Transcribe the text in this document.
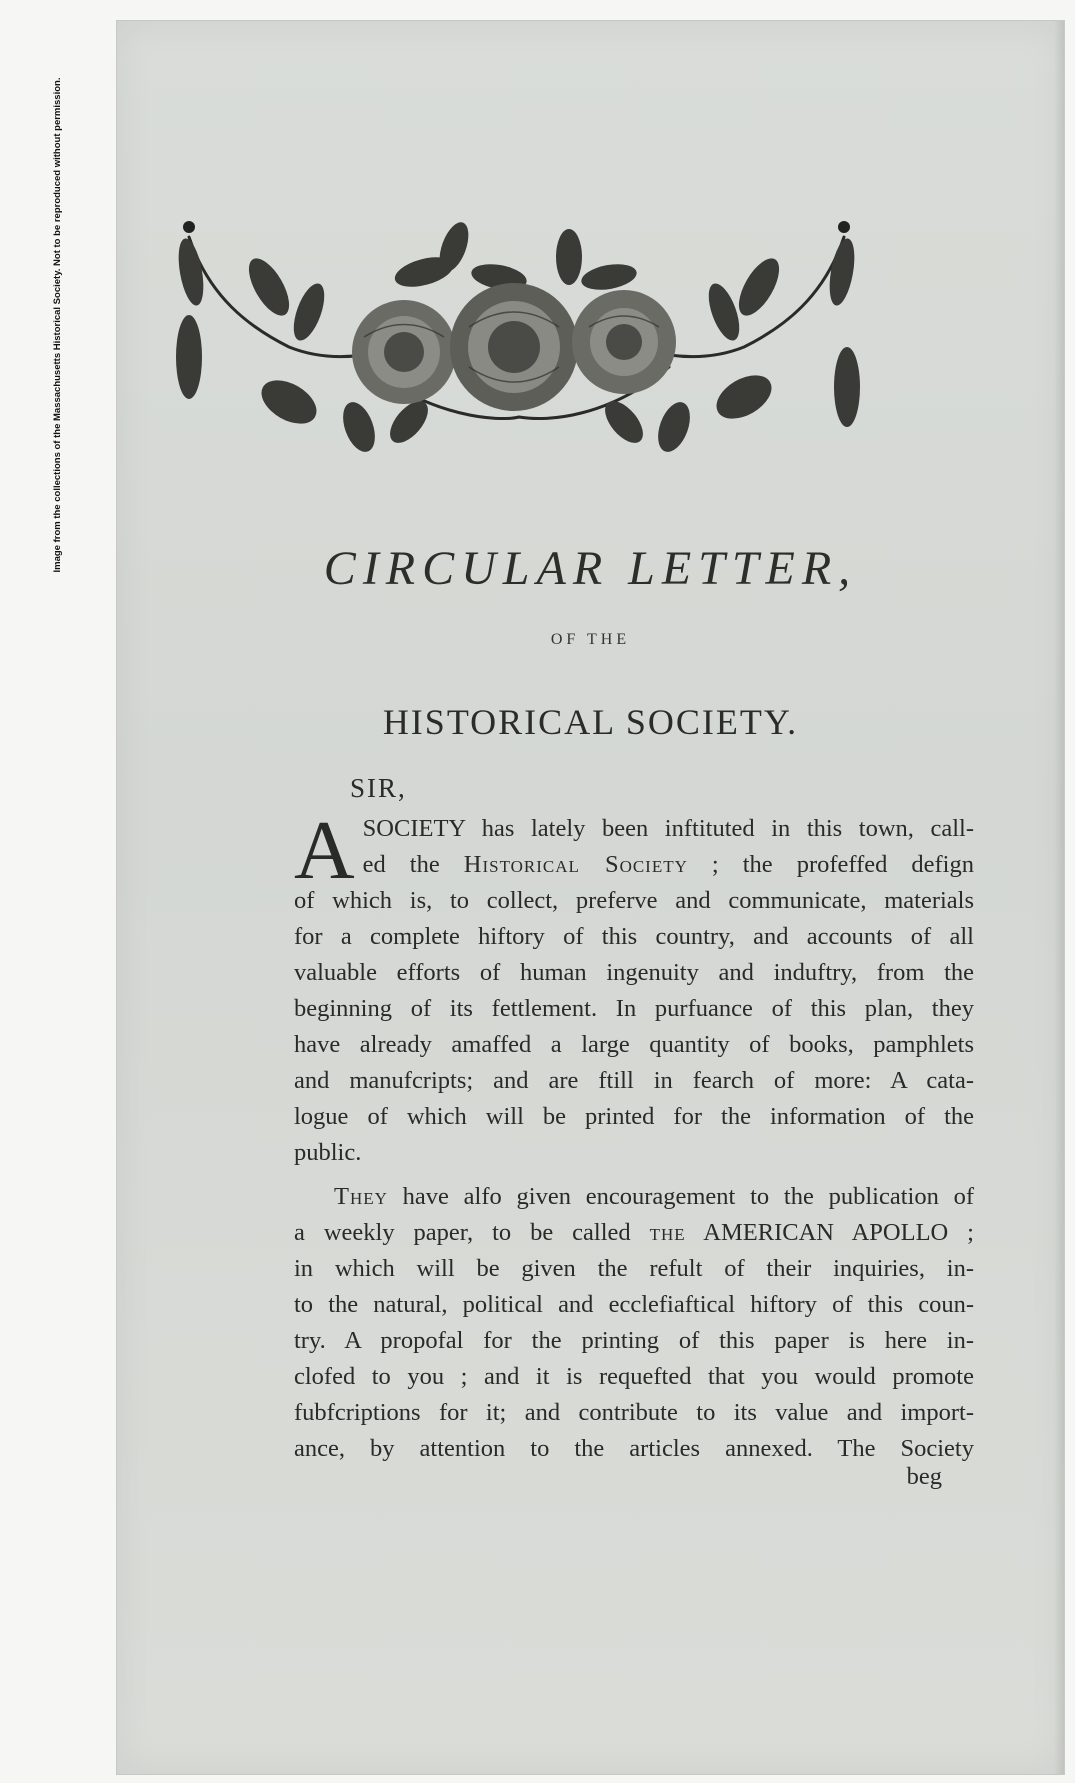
Image from the collections of the Massachusetts Historical Society. Not to be reproduced without permission.	CIRCULAR LETTER,
OF THE
HISTORICAL SOCIETY.
SIR,
A SOCIETY has lately been inftituted in this town, call-
ed the Historical Society ; the profeffed defign
of which is, to collect, preferve and communicate, materials
for a complete hiftory of this country, and accounts of all
valuable efforts of human ingenuity and induftry, from the
beginning of its fettlement. In purfuance of this plan, they
have already amaffed a large quantity of books, pamphlets
and manufcripts; and are ftill in fearch of more: A cata-
logue of which will be printed for the information of the
public.
They have alfo given encouragement to the publication of
a weekly paper, to be called the AMERICAN APOLLO ;
in which will be given the refult of their inquiries, in-
to the natural, political and ecclefiaftical hiftory of this coun-
try. A propofal for the printing of this paper is here in-
clofed to you ; and it is requefted that you would promote
fubfcriptions for it; and contribute to its value and import-
ance, by attention to the articles annexed. The Society
beg
